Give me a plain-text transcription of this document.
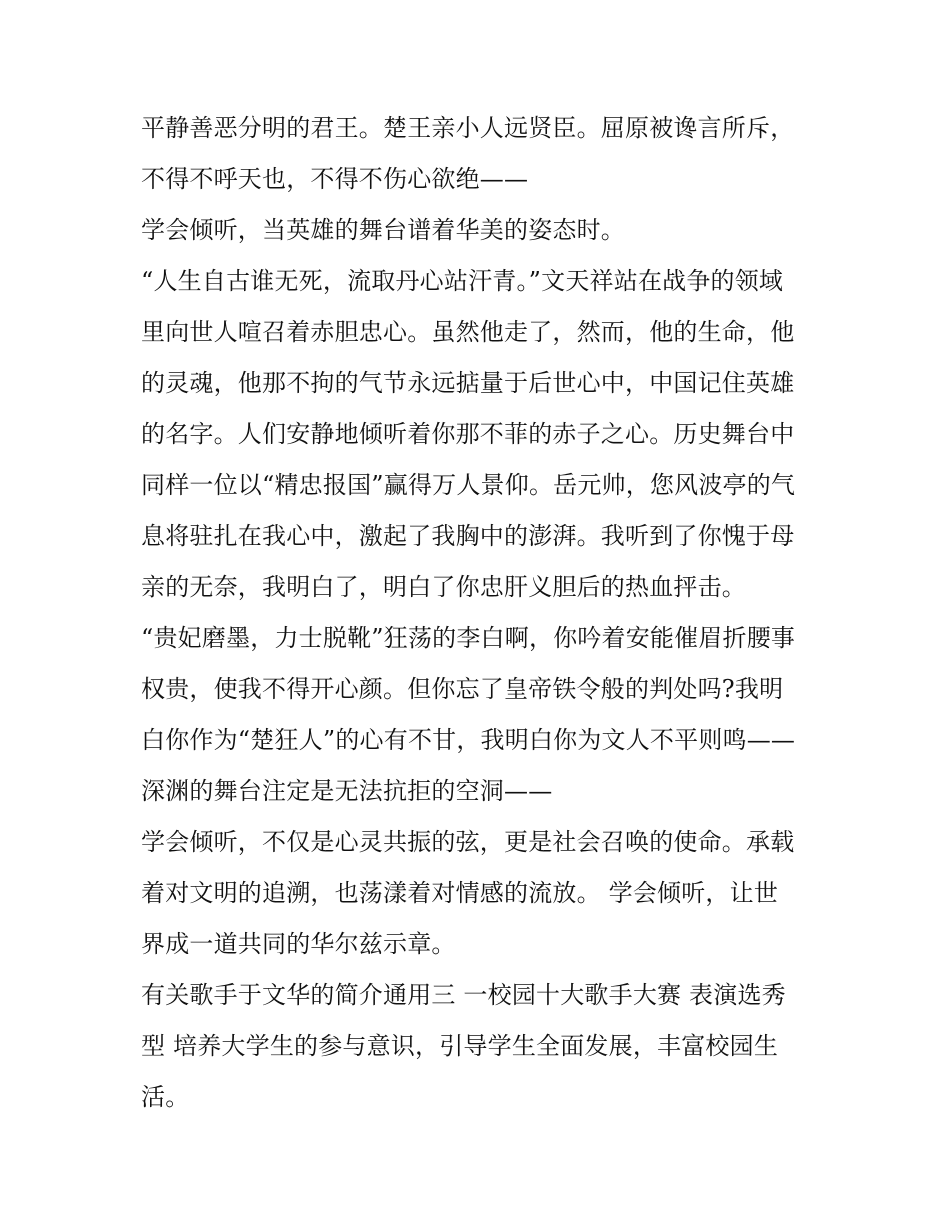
平静善恶分明的君王。楚王亲小人远贤臣。屈原被谗言所斥，
不得不呼天也，不得不伤心欲绝——
学会倾听，当英雄的舞台谱着华美的姿态时。
“人生自古谁无死，流取丹心站汗青。”文天祥站在战争的领域
里向世人喧召着赤胆忠心。虽然他走了，然而，他的生命，他
的灵魂，他那不拘的气节永远掂量于后世心中，中国记住英雄
的名字。人们安静地倾听着你那不菲的赤子之心。历史舞台中
同样一位以“精忠报国”赢得万人景仰。岳元帅，您风波亭的气
息将驻扎在我心中，激起了我胸中的澎湃。我听到了你愧于母
亲的无奈，我明白了，明白了你忠肝义胆后的热血抨击。
“贵妃磨墨，力士脱靴”狂荡的李白啊，你吟着安能催眉折腰事
权贵，使我不得开心颜。但你忘了皇帝铁令般的判处吗?我明
白你作为“楚狂人”的心有不甘，我明白你为文人不平则鸣——
深渊的舞台注定是无法抗拒的空洞——
学会倾听，不仅是心灵共振的弦，更是社会召唤的使命。承载
着对文明的追溯，也荡漾着对情感的流放。 学会倾听，让世
界成一道共同的华尔兹示章。
有关歌手于文华的简介通用三 一校园十大歌手大赛 表演选秀
型 培养大学生的参与意识，引导学生全面发展，丰富校园生
活。
